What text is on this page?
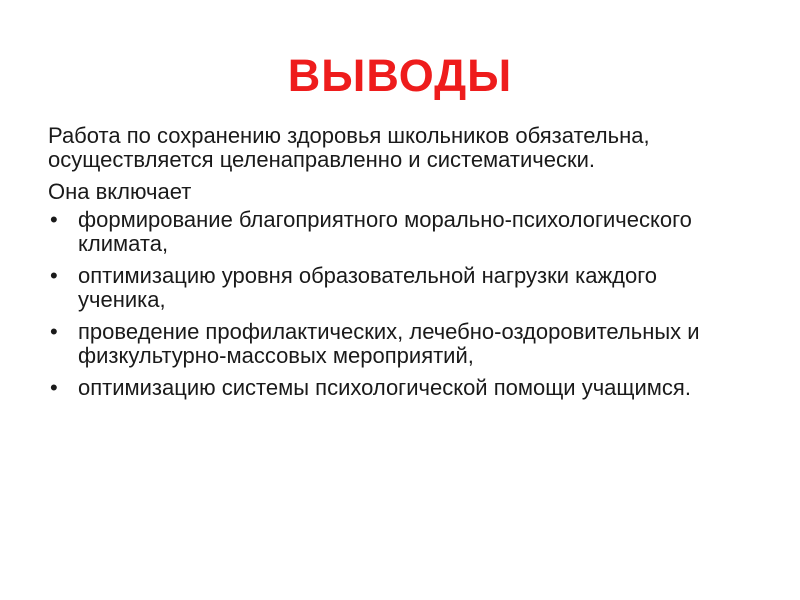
ВЫВОДЫ

Работа по сохранению здоровья школьников обязательна, осуществляется целенаправленно и систематически.

Она включает

• формирование благоприятного морально-психологического климата,
• оптимизацию уровня образовательной нагрузки каждого ученика,
• проведение профилактических, лечебно-оздоровительных и физкультурно-массовых мероприятий,
• оптимизацию системы психологической помощи учащимся.
